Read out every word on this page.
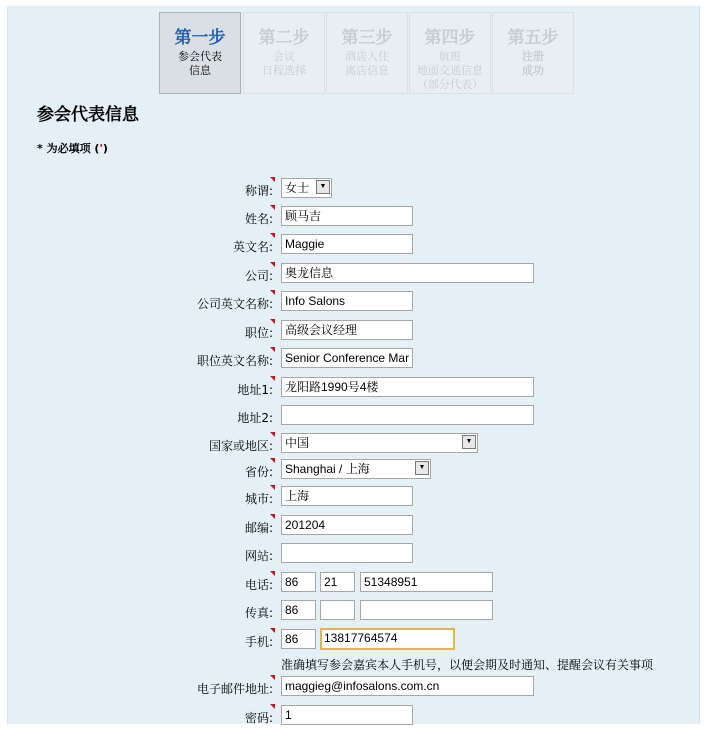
第一步
参会代表
信息
第二步
会议
日程选择
第三步
酒店入住
离店信息
第四步
航班
地面交通信息
（部分代表）
第五步
注册
成功
参会代表信息
* 为必填项 (')
称谓:	女士	▼
姓名:	顾马吉
英文名:	Maggie
公司:	奥龙信息
公司英文名称:	Info Salons
职位:	高级会议经理
职位英文名称:	Senior Conference Mar
地址1:	龙阳路1990号4楼
地址2:
国家或地区:	中国	▼
省份:	Shanghai / 上海	▼
城市:	上海
邮编:	201204
网站:
电话:	86	21	51348951
传真:	86
手机:	86	13817764574
准确填写参会嘉宾本人手机号，以便会期及时通知、提醒会议有关事项
电子邮件地址:	maggieg@infosalons.com.cn
密码:	1
